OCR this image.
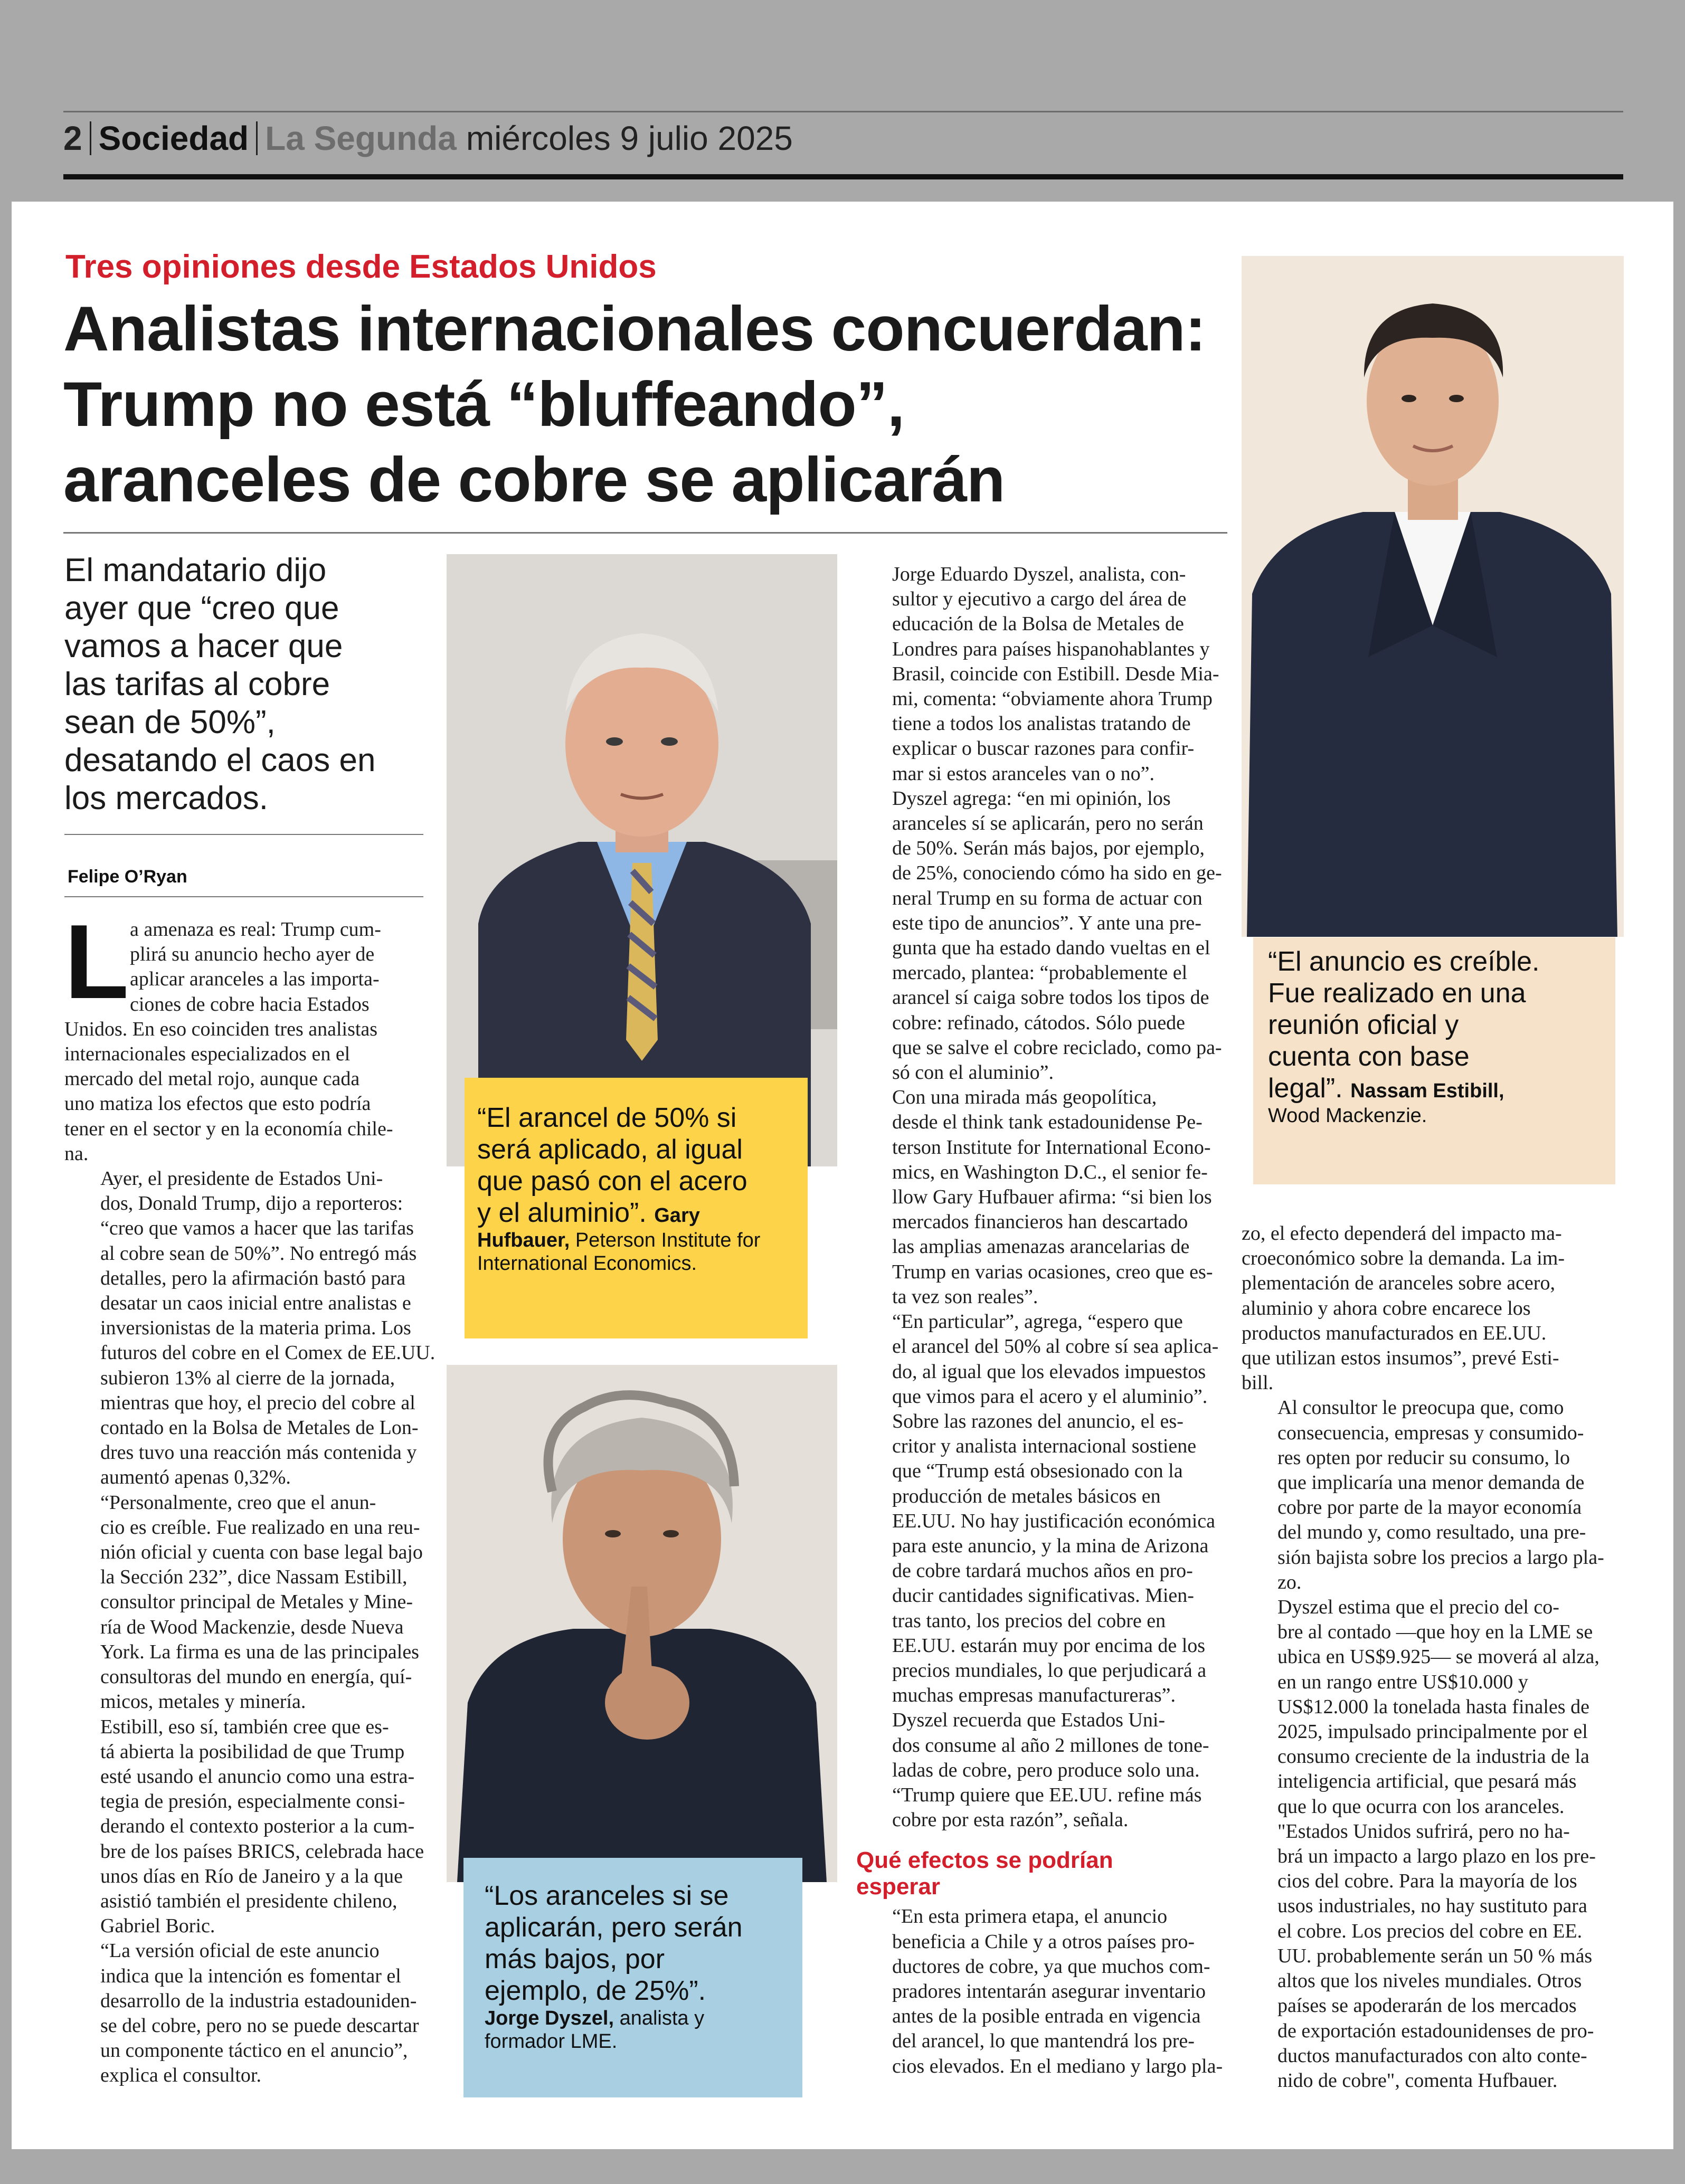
2 Sociedad La Segunda miércoles 9 julio 2025
Tres opiniones desde Estados Unidos
Analistas internacionales concuerdan:
Trump no está “bluffeando”,
aranceles de cobre se aplicarán
El mandatario dijo
ayer que “creo que
vamos a hacer que
las tarifas al cobre
sean de 50%”,
desatando el caos en
los mercados.
Felipe O’Ryan

L a amenaza es real: Trump cum-
plirá su anuncio hecho ayer de
aplicar aranceles a las importa-
ciones de cobre hacia Estados
Unidos. En eso coinciden tres analistas
internacionales especializados en el
mercado del metal rojo, aunque cada
uno matiza los efectos que esto podría
tener en el sector y en la economía chile-
na.

Ayer, el presidente de Estados Uni-
dos, Donald Trump, dijo a reporteros:
“creo que vamos a hacer que las tarifas
al cobre sean de 50%”. No entregó más
detalles, pero la afirmación bastó para
desatar un caos inicial entre analistas e
inversionistas de la materia prima. Los
futuros del cobre en el Comex de EE.UU.
subieron 13% al cierre de la jornada,
mientras que hoy, el precio del cobre al
contado en la Bolsa de Metales de Lon-
dres tuvo una reacción más contenida y
aumentó apenas 0,32%.

“Personalmente, creo que el anun-
cio es creíble. Fue realizado en una reu-
nión oficial y cuenta con base legal bajo
la Sección 232”, dice Nassam Estibill,
consultor principal de Metales y Mine-
ría de Wood Mackenzie, desde Nueva
York. La firma es una de las principales
consultoras del mundo en energía, quí-
micos, metales y minería.

Estibill, eso sí, también cree que es-
tá abierta la posibilidad de que Trump
esté usando el anuncio como una estra-
tegia de presión, especialmente consi-
derando el contexto posterior a la cum-
bre de los países BRICS, celebrada hace
unos días en Río de Janeiro y a la que
asistió también el presidente chileno,
Gabriel Boric.

“La versión oficial de este anuncio
indica que la intención es fomentar el
desarrollo de la industria estadouniden-
se del cobre, pero no se puede descartar
un componente táctico en el anuncio”,
explica el consultor.

“El arancel de 50% si
será aplicado, al igual
que pasó con el acero
y el aluminio”. Gary
Hufbauer, Peterson Institute for
International Economics.
“Los aranceles si se
aplicarán, pero serán
más bajos, por
ejemplo, de 25%”.
Jorge Dyszel, analista y
formador LME.

Jorge Eduardo Dyszel, analista, con-
sultor y ejecutivo a cargo del área de
educación de la Bolsa de Metales de
Londres para países hispanohablantes y
Brasil, coincide con Estibill. Desde Mia-
mi, comenta: “obviamente ahora Trump
tiene a todos los analistas tratando de
explicar o buscar razones para confir-
mar si estos aranceles van o no”.

Dyszel agrega: “en mi opinión, los
aranceles sí se aplicarán, pero no serán
de 50%. Serán más bajos, por ejemplo,
de 25%, conociendo cómo ha sido en ge-
neral Trump en su forma de actuar con
este tipo de anuncios”. Y ante una pre-
gunta que ha estado dando vueltas en el
mercado, plantea: “probablemente el
arancel sí caiga sobre todos los tipos de
cobre: refinado, cátodos. Sólo puede
que se salve el cobre reciclado, como pa-
só con el aluminio”.

Con una mirada más geopolítica,
desde el think tank estadounidense Pe-
terson Institute for International Econo-
mics, en Washington D.C., el senior fe-
llow Gary Hufbauer afirma: “si bien los
mercados financieros han descartado
las amplias amenazas arancelarias de
Trump en varias ocasiones, creo que es-
ta vez son reales”.

“En particular”, agrega, “espero que
el arancel del 50% al cobre sí sea aplica-
do, al igual que los elevados impuestos
que vimos para el acero y el aluminio”.

Sobre las razones del anuncio, el es-
critor y analista internacional sostiene
que “Trump está obsesionado con la
producción de metales básicos en
EE.UU. No hay justificación económica
para este anuncio, y la mina de Arizona
de cobre tardará muchos años en pro-
ducir cantidades significativas. Mien-
tras tanto, los precios del cobre en
EE.UU. estarán muy por encima de los
precios mundiales, lo que perjudicará a
muchas empresas manufactureras”.

Dyszel recuerda que Estados Uni-
dos consume al año 2 millones de tone-
ladas de cobre, pero produce solo una.
“Trump quiere que EE.UU. refine más
cobre por esta razón”, señala.

Qué efectos se podrían
esperar

“En esta primera etapa, el anuncio
beneficia a Chile y a otros países pro-
ductores de cobre, ya que muchos com-
pradores intentarán asegurar inventario
antes de la posible entrada en vigencia
del arancel, lo que mantendrá los pre-
cios elevados. En el mediano y largo pla-

“El anuncio es creíble.
Fue realizado en una
reunión oficial y
cuenta con base
legal”. Nassam Estibill,
Wood Mackenzie.

zo, el efecto dependerá del impacto ma-
croeconómico sobre la demanda. La im-
plementación de aranceles sobre acero,
aluminio y ahora cobre encarece los
productos manufacturados en EE.UU.
que utilizan estos insumos”, prevé Esti-
bill.

Al consultor le preocupa que, como
consecuencia, empresas y consumido-
res opten por reducir su consumo, lo
que implicaría una menor demanda de
cobre por parte de la mayor economía
del mundo y, como resultado, una pre-
sión bajista sobre los precios a largo pla-
zo.

Dyszel estima que el precio del co-
bre al contado —que hoy en la LME se
ubica en US$9.925— se moverá al alza,
en un rango entre US$10.000 y
US$12.000 la tonelada hasta finales de
2025, impulsado principalmente por el
consumo creciente de la industria de la
inteligencia artificial, que pesará más
que lo que ocurra con los aranceles.

"Estados Unidos sufrirá, pero no ha-
brá un impacto a largo plazo en los pre-
cios del cobre. Para la mayoría de los
usos industriales, no hay sustituto para
el cobre. Los precios del cobre en EE.
UU. probablemente serán un 50 % más
altos que los niveles mundiales. Otros
países se apoderarán de los mercados
de exportación estadounidenses de pro-
ductos manufacturados con alto conte-
nido de cobre", comenta Hufbauer.
